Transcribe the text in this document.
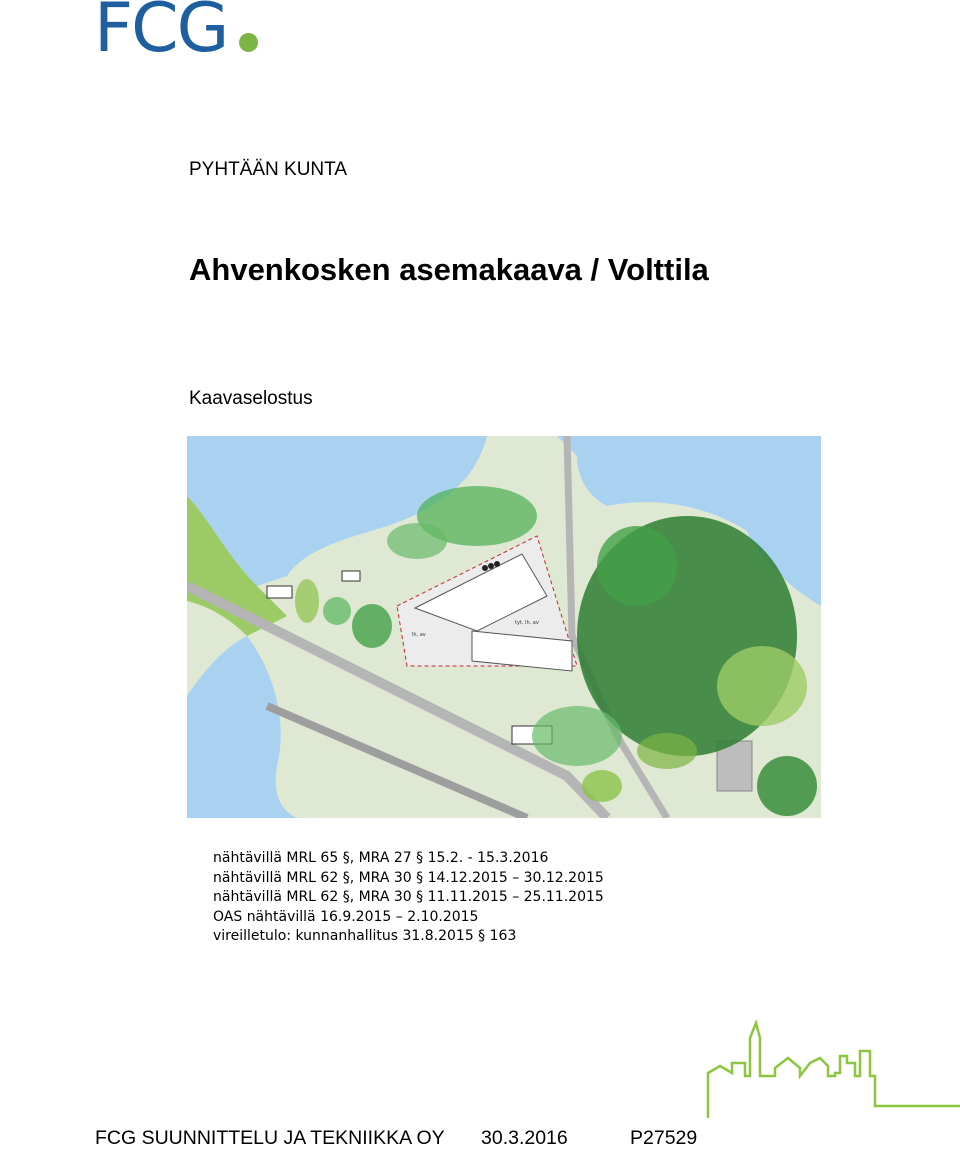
FCG
PYHTÄÄN KUNTA
Ahvenkosken asemakaava / Volttila
Kaavaselostus
tyt, lh, av
lh, av
nähtävillä MRL 65 §, MRA 27 § 15.2. - 15.3.2016
nähtävillä MRL 62 §, MRA 30 § 14.12.2015 – 30.12.2015
nähtävillä MRL 62 §, MRA 30 § 11.11.2015 – 25.11.2015
OAS nähtävillä 16.9.2015 – 2.10.2015
vireilletulo: kunnanhallitus 31.8.2015 § 163
FCG SUUNNITTELU JA TEKNIIKKA OY 30.3.2016	P27529
